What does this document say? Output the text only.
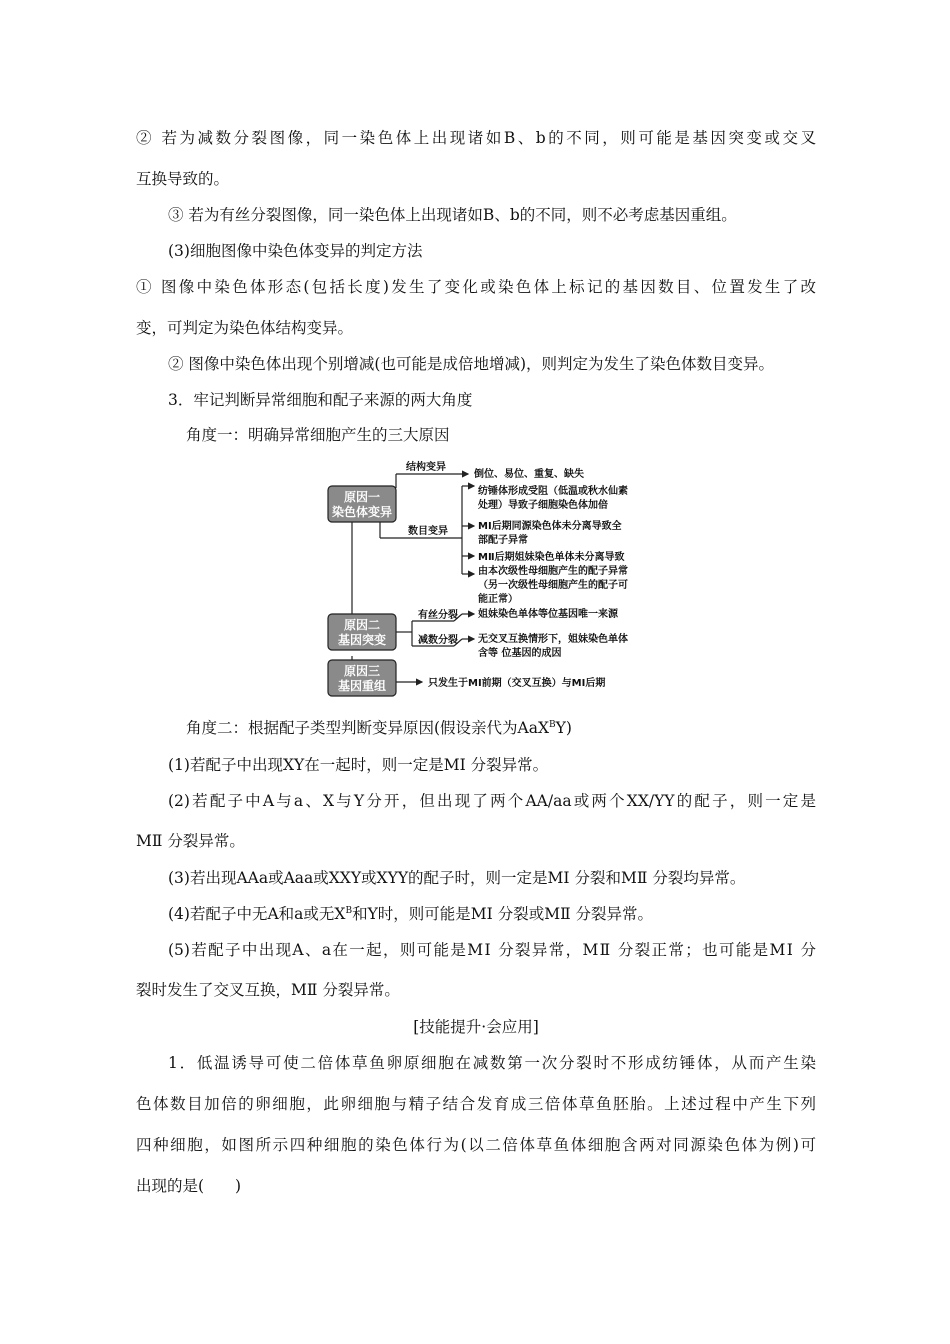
② 若为减数分裂图像，同一染色体上出现诸如B、b的不同，则可能是基因突变或交叉
互换导致的。
③ 若为有丝分裂图像，同一染色体上出现诸如B、b的不同，则不必考虑基因重组。
(3)细胞图像中染色体变异的判定方法
① 图像中染色体形态(包括长度)发生了变化或染色体上标记的基因数目、位置发生了改
变，可判定为染色体结构变异。
② 图像中染色体出现个别增减(也可能是成倍地增减)，则判定为发生了染色体数目变异。
3．牢记判断异常细胞和配子来源的两大角度
角度一：明确异常细胞产生的三大原因
原因一
染色体变异
原因二
基因突变
原因三
基因重组
结构变异
数目变异
有丝分裂
减数分裂
倒位、易位、重复、缺失
纺锤体形成受阻（低温或秋水仙素
处理）导致子细胞染色体加倍
MⅠ后期同源染色体未分离导致全
部配子异常
MⅡ后期姐妹染色单体未分离导致
由本次级性母细胞产生的配子异常
（另一次级性母细胞产生的配子可
能正常）
姐妹染色单体等位基因唯一来源
无交叉互换情形下，姐妹染色单体
含等 位基因的成因
只发生于MⅠ前期（交叉互换）与MⅠ后期
角度二：根据配子类型判断变异原因(假设亲代为AaX$^B$Y)
(1)若配子中出现XY在一起时，则一定是MⅠ 分裂异常。
(2)若配子中A与a、X与Y分开，但出现了两个AA/aa或两个XX/YY的配子，则一定是
MⅡ 分裂异常。
(3)若出现AAa或Aaa或XXY或XYY的配子时，则一定是MⅠ 分裂和MⅡ 分裂均异常。
(4)若配子中无A和a或无$X^B$和Y时，则可能是MⅠ 分裂或MⅡ 分裂异常。
(5)若配子中出现A、a在一起，则可能是MⅠ 分裂异常，MⅡ 分裂正常；也可能是MⅠ 分
裂时发生了交叉互换，MⅡ 分裂异常。
[技能提升·会应用]
1．低温诱导可使二倍体草鱼卵原细胞在减数第一次分裂时不形成纺锤体，从而产生染
色体数目加倍的卵细胞，此卵细胞与精子结合发育成三倍体草鱼胚胎。上述过程中产生下列
四种细胞，如图所示四种细胞的染色体行为(以二倍体草鱼体细胞含两对同源染色体为例)可
出现的是(　　)
